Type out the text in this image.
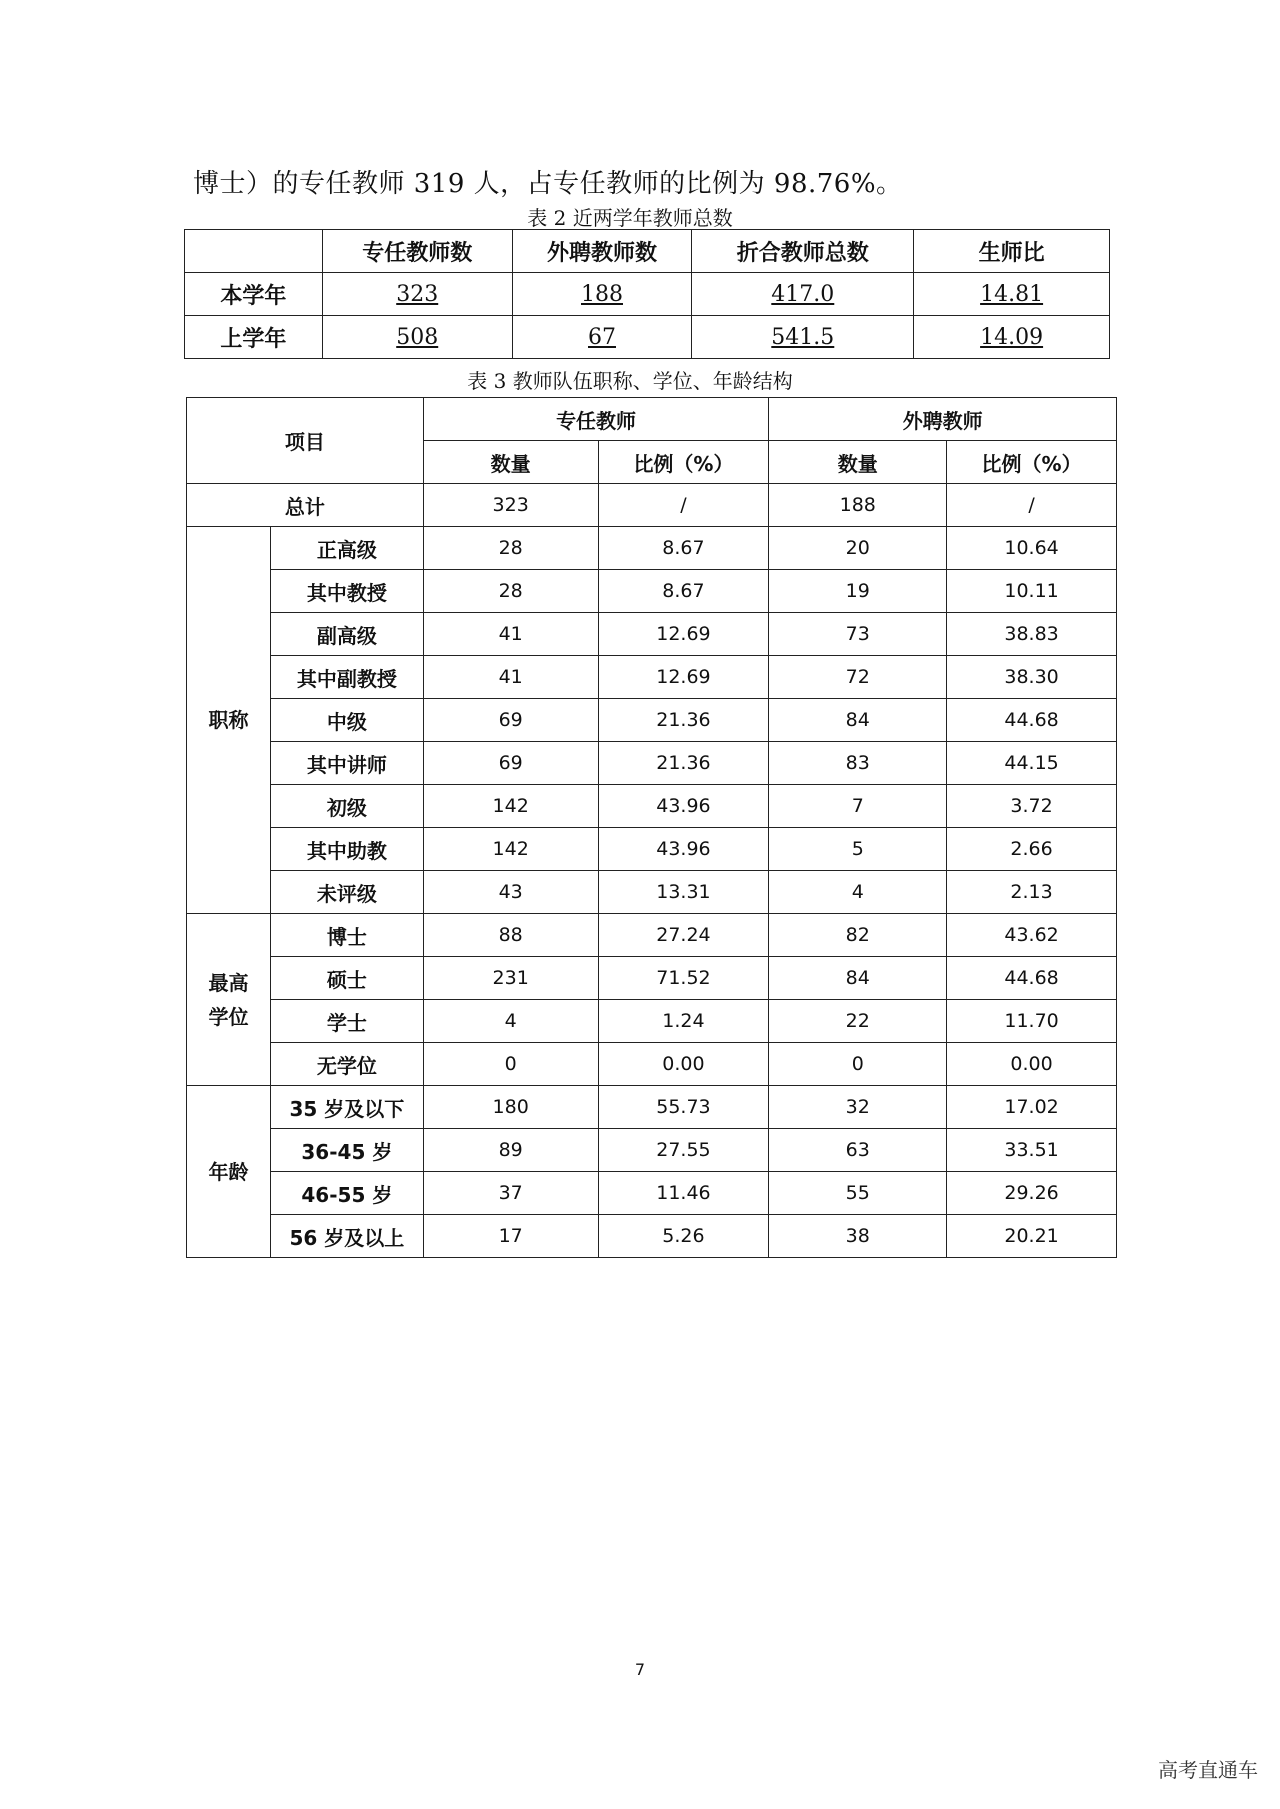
博士）的专任教师 319 人，占专任教师的比例为 98.76%。
表 2 近两学年教师总数
	专任教师数	外聘教师数	折合教师总数	生师比
本学年	323	188	417.0	14.81
上学年	508	67	541.5	14.09
表 3 教师队伍职称、学位、年龄结构
项目		专任教师		外聘教师	
		数量	比例（%）	数量	比例（%）
总计		323	/	188	/
职称	正高级	28	8.67	20	10.64
	其中教授	28	8.67	19	10.11
	副高级	41	12.69	73	38.83
	其中副教授	41	12.69	72	38.30
	中级	69	21.36	84	44.68
	其中讲师	69	21.36	83	44.15
	初级	142	43.96	7	3.72
	其中助教	142	43.96	5	2.66
	未评级	43	13.31	4	2.13
最高学位	博士	88	27.24	82	43.62
	硕士	231	71.52	84	44.68
	学士	4	1.24	22	11.70
	无学位	0	0.00	0	0.00
年龄	35 岁及以下	180	55.73	32	17.02
	36-45 岁	89	27.55	63	33.51
	46-55 岁	37	11.46	55	29.26
	56 岁及以上	17	5.26	38	20.21
7
高考直通车
